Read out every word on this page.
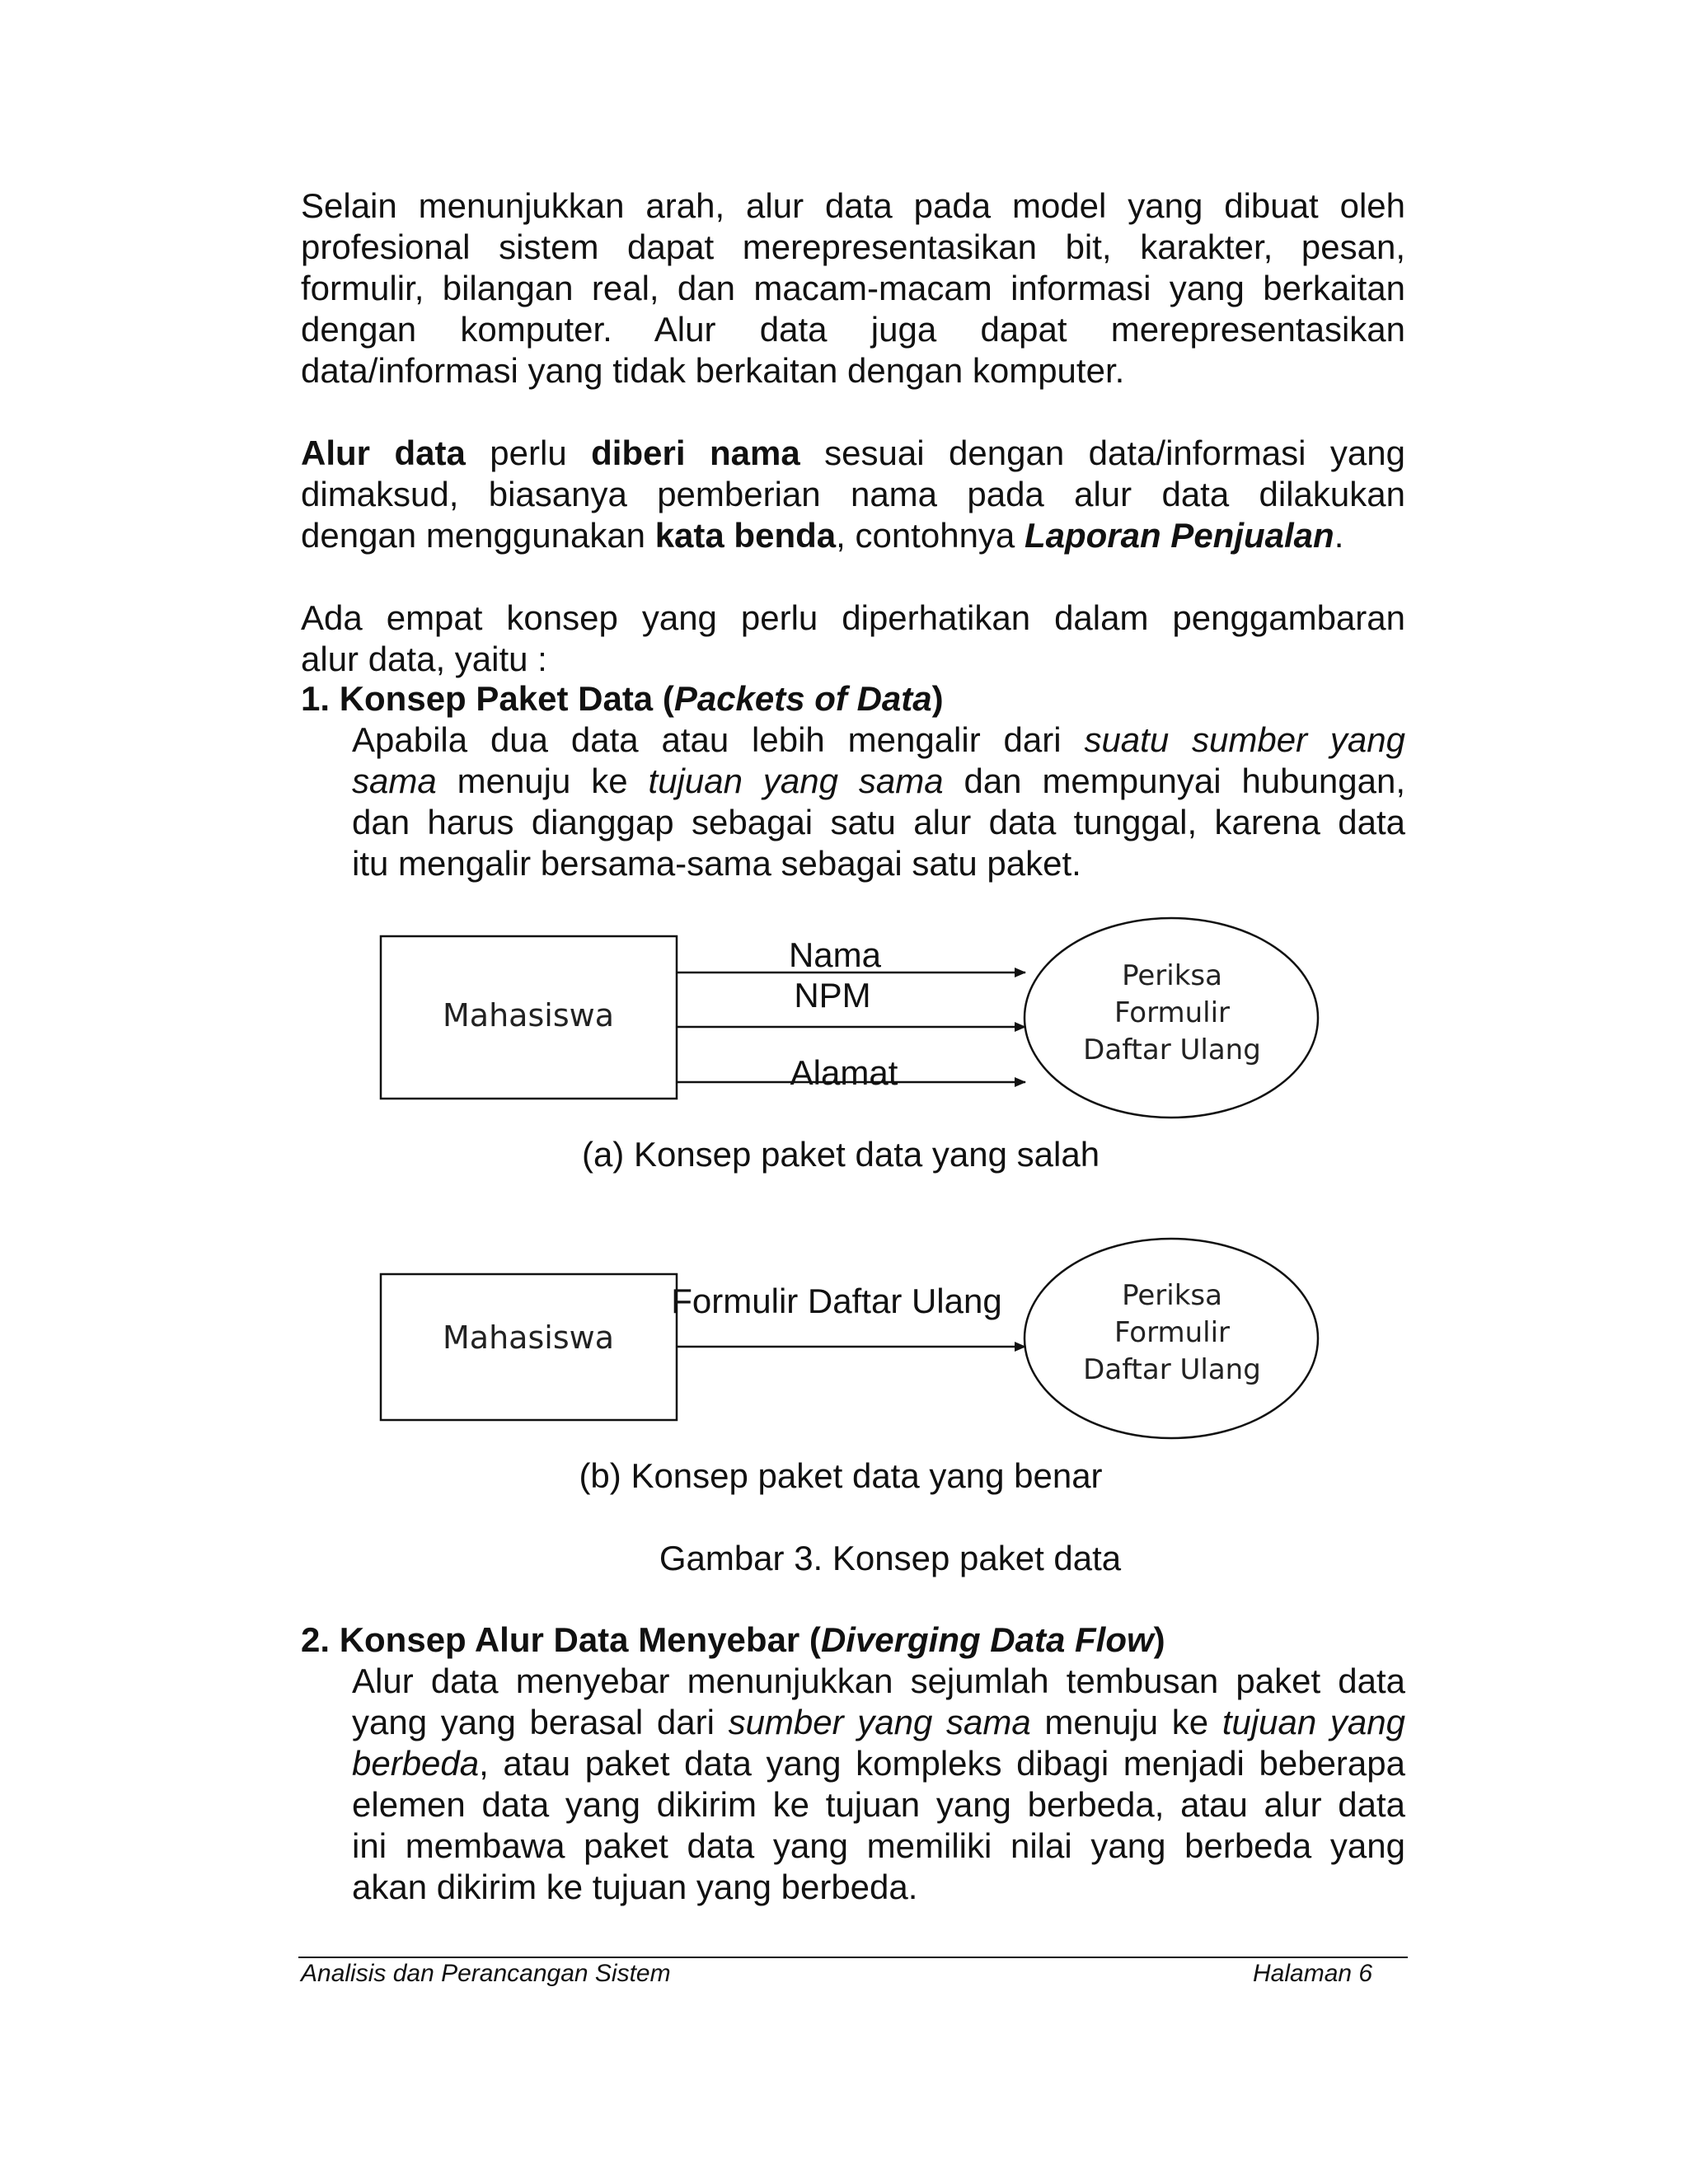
Selain menunjukkan arah, alur data pada model yang dibuat oleh
profesional sistem dapat merepresentasikan bit, karakter, pesan,
formulir, bilangan real, dan macam-macam informasi yang berkaitan
dengan komputer. Alur data juga dapat merepresentasikan
data/informasi yang tidak berkaitan dengan komputer.
Alur data perlu diberi nama sesuai dengan data/informasi yang
dimaksud, biasanya pemberian nama pada alur data dilakukan
dengan menggunakan kata benda, contohnya Laporan Penjualan.
Ada empat konsep yang perlu diperhatikan dalam penggambaran
alur data, yaitu :
1. Konsep Paket Data (Packets of Data)
Apabila dua data atau lebih mengalir dari suatu sumber yang
sama menuju ke tujuan yang sama dan mempunyai hubungan,
dan harus dianggap sebagai satu alur data tunggal, karena data
itu mengalir bersama-sama sebagai satu paket.
Mahasiswa
Nama
NPM
Alamat
Periksa
Formulir
Daftar Ulang
Mahasiswa
Formulir Daftar Ulang	Periksa
Formulir
Daftar Ulang
(a) Konsep paket data yang salah
(b) Konsep paket data yang benar
Gambar 3. Konsep paket data
2. Konsep Alur Data Menyebar (Diverging Data Flow)
Alur data menyebar menunjukkan sejumlah tembusan paket data
yang yang berasal dari sumber yang sama menuju ke tujuan yang
berbeda, atau paket data yang kompleks dibagi menjadi beberapa
elemen data yang dikirim ke tujuan yang berbeda, atau alur data
ini membawa paket data yang memiliki nilai yang berbeda yang
akan dikirim ke tujuan yang berbeda.
Analisis dan Perancangan Sistem	Halaman 6
